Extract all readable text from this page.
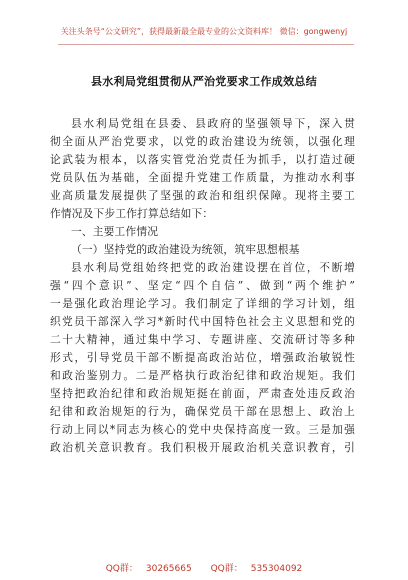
关注头条号“公文研究”，获得最新最全最专业的公文资料库！ 微信：gongwenyj
县水利局党组贯彻从严治党要求工作成效总结
县水利局党组在县委、县政府的坚强领导下，深入贯
彻全面从严治党要求，以党的政治建设为统领，以强化理
论武装为根本，以落实管党治党责任为抓手，以打造过硬
党员队伍为基础，全面提升党建工作质量，为推动水利事
业高质量发展提供了坚强的政治和组织保障。现将主要工
作情况及下步工作打算总结如下：
一、主要工作情况
（一）坚持党的政治建设为统领，筑牢思想根基
县水利局党组始终把党的政治建设摆在首位，不断增
强“四个意识”、坚定“四个自信”、做到“两个维护”
一是强化政治理论学习。我们制定了详细的学习计划，组
织党员干部深入学习*新时代中国特色社会主义思想和党的
二十大精神，通过集中学习、专题讲座、交流研讨等多种
形式，引导党员干部不断提高政治站位，增强政治敏锐性
和政治鉴别力。二是严格执行政治纪律和政治规矩。我们
坚持把政治纪律和政治规矩挺在前面，严肃查处违反政治
纪律和政治规矩的行为，确保党员干部在思想上、政治上
行动上同以*同志为核心的党中央保持高度一致。三是加强
政治机关意识教育。我们积极开展政治机关意识教育，引
QQ群： 30265665 QQ群： 535304092
